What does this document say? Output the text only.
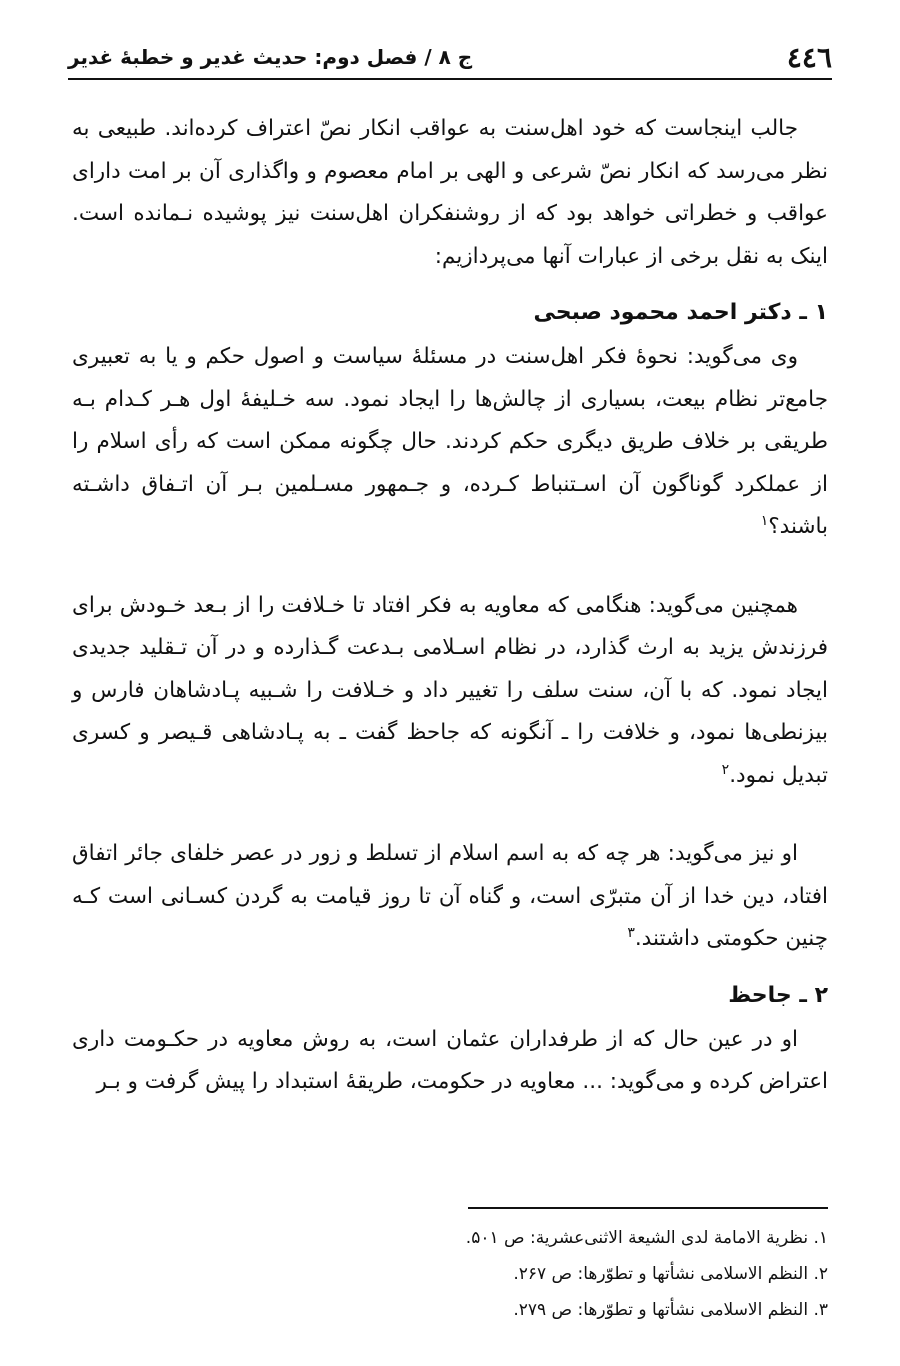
٤٤٦
ج ۸ / فصل دوم: حدیث غدیر و خطبهٔ غدیر

جالب اینجاست که خود اهل‌سنت به عواقب انکار نصّ اعتراف کرده‌اند. طبیعی به نظر می‌رسد که انکار نصّ شرعی و الهی بر امام معصوم و واگذاری آن بر امت دارای عواقب و خطراتی خواهد بود که از روشنفکران اهل‌سنت نیز پوشیده نـمانده است. اینک به نقل برخی از عبارات آنها می‌پردازیم:

۱ ـ دکتر احمد محمود صبحی

وی می‌گوید: نحوهٔ فکر اهل‌سنت در مسئلهٔ سیاست و اصول حکم و یا به تعبیری جامع‌تر نظام بیعت، بسیاری از چالش‌ها را ایجاد نمود. سه خـلیفهٔ اول هـر کـدام بـه طریقی بر خلاف طریق دیگری حکم کردند. حال چگونه ممکن است که رأی اسلام را از عملکرد گوناگون آن اسـتنباط کـرده، و جـمهور مسـلمین بـر آن اتـفاق داشـته باشند؟$^۱$

همچنین می‌گوید: هنگامی که معاویه به فکر افتاد تا خـلافت را از بـعد خـودش برای فرزندش یزید به ارث گذارد، در نظام اسـلامی بـدعت گـذارده و در آن تـقلید جدیدی ایجاد نمود. که با آن، سنت سلف را تغییر داد و خـلافت را شـبیه پـادشاهان فارس و بیزنطی‌ها نمود، و خلافت را ـ آنگونه که جاحظ گفت ـ به پـادشاهی قـیصر و کسری تبدیل نمود.$^۲$

او نیز می‌گوید: هر چه که به اسم اسلام از تسلط و زور در عصر خلفای جائر اتفاق افتاد، دین خدا از آن متبرّی است، و گناه آن تا روز قیامت به گردن کسـانی است کـه چنین حکومتی داشتند.$^۳$

۲ ـ جاحظ

او در عین حال که از طرفداران عثمان است، به روش معاویه در حکـومت داری اعتراض کرده و می‌گوید: ... معاویه در حکومت، طریقهٔ استبداد را پیش گرفت و بـر

۱. نظرية الامامة لدى الشيعة الاثنى‌عشرية: ص ۵۰۱.

۲. النظم الاسلامی نشأتها و تطوّرها: ص ۲۶۷.

۳. النظم الاسلامی نشأتها و تطوّرها: ص ۲۷۹.
